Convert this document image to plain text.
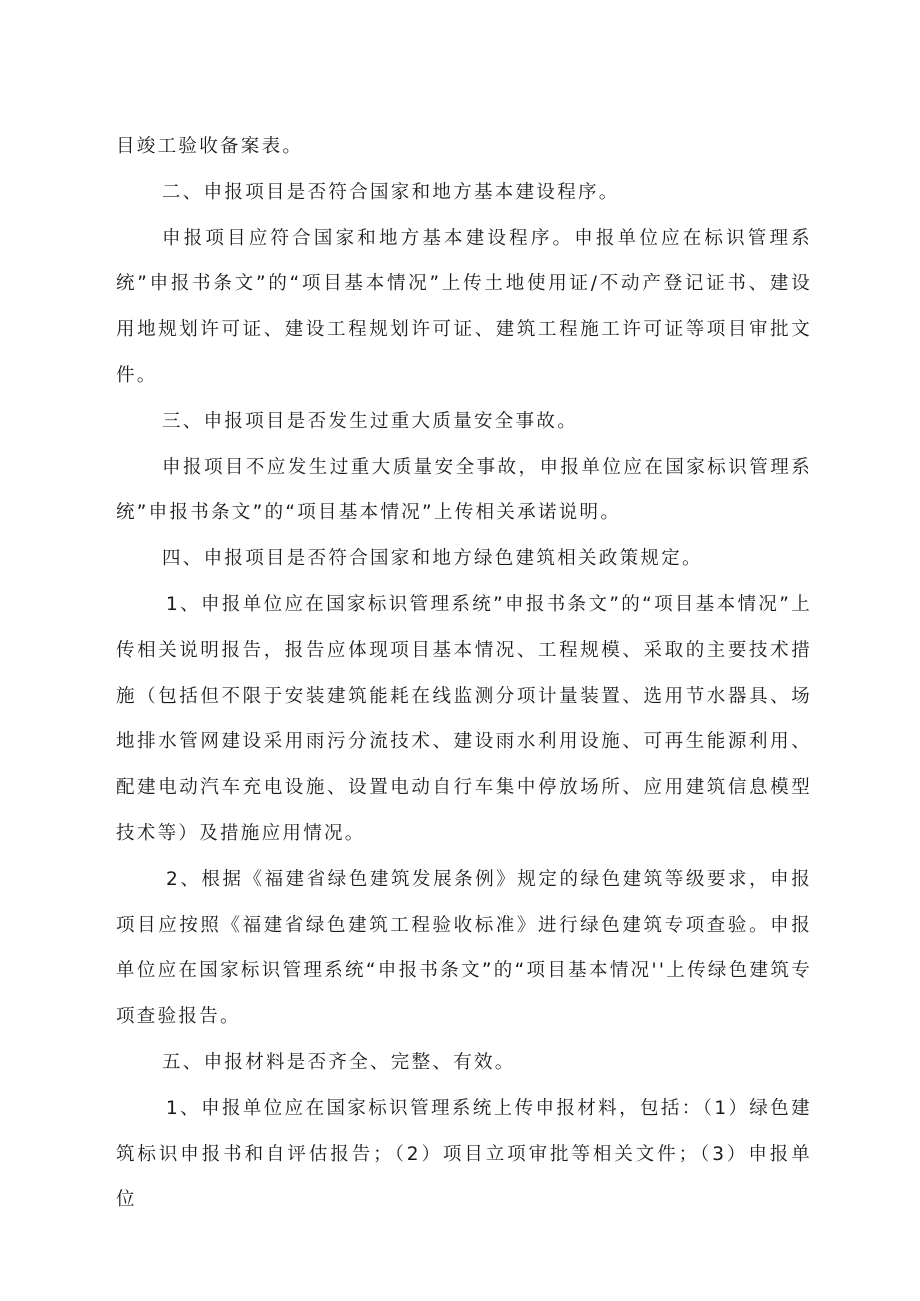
目竣工验收备案表。

二、申报项目是否符合国家和地方基本建设程序。

申报项目应符合国家和地方基本建设程序。申报单位应在标识管理系统”申报书条文”的“项目基本情况”上传土地使用证/不动产登记证书、建设用地规划许可证、建设工程规划许可证、建筑工程施工许可证等项目审批文件。

三、申报项目是否发生过重大质量安全事故。

申报项目不应发生过重大质量安全事故，申报单位应在国家标识管理系统”申报书条文”的“项目基本情况”上传相关承诺说明。

四、申报项目是否符合国家和地方绿色建筑相关政策规定。

1、申报单位应在国家标识管理系统”申报书条文”的“项目基本情况”上传相关说明报告，报告应体现项目基本情况、工程规模、采取的主要技术措施（包括但不限于安装建筑能耗在线监测分项计量装置、选用节水器具、场地排水管网建设采用雨污分流技术、建设雨水利用设施、可再生能源利用、配建电动汽车充电设施、设置电动自行车集中停放场所、应用建筑信息模型技术等）及措施应用情况。

2、根据《福建省绿色建筑发展条例》规定的绿色建筑等级要求，申报项目应按照《福建省绿色建筑工程验收标准》进行绿色建筑专项查验。申报单位应在国家标识管理系统“申报书条文”的“项目基本情况''上传绿色建筑专项查验报告。

五、申报材料是否齐全、完整、有效。

1、申报单位应在国家标识管理系统上传申报材料，包括：（1）绿色建筑标识申报书和自评估报告；（2）项目立项审批等相关文件；（3）申报单位
